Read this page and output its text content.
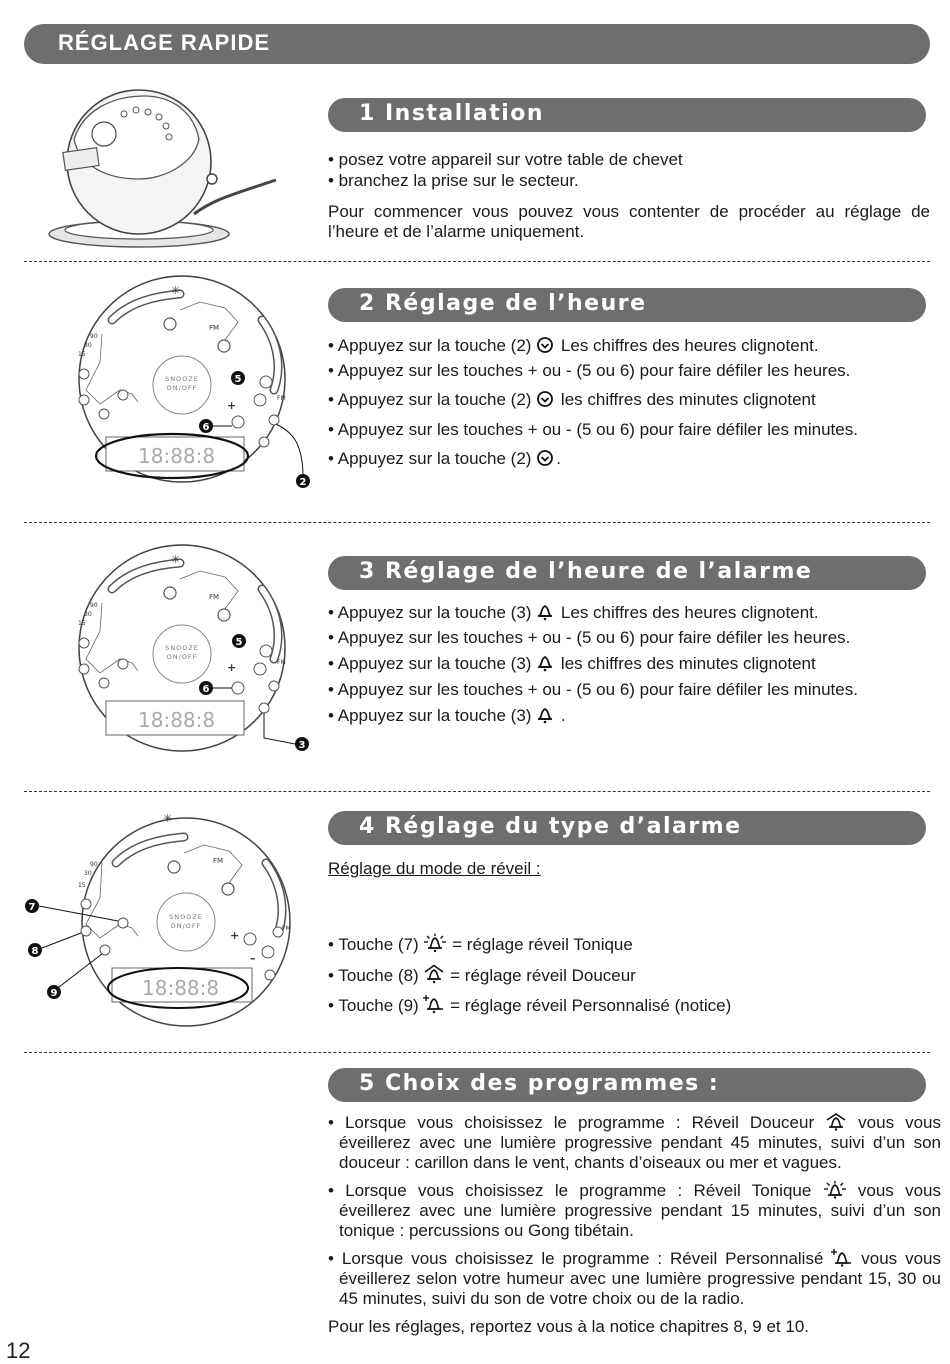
RÉGLAGE RAPIDE
1 Installation
• posez votre appareil sur votre table de chevet
• branchez la prise sur le secteur.
Pour commencer vous pouvez vous contenter de procéder au réglage de l’heure et de l’alarme uniquement.
✳
FM
90
30
15
SNOOZE
ON/OFF
+
FM
18:88:8
5
6
2
2 Réglage de l’heure
• Appuyez sur la touche (2) Les chiffres des heures clignotent.
• Appuyez sur les touches + ou - (5 ou 6) pour faire défiler les heures.
• Appuyez sur la touche (2) les chiffres des minutes clignotent
• Appuyez sur les touches + ou - (5 ou 6) pour faire défiler les minutes.
• Appuyez sur la touche (2) .
✳
FM
90
30
15
SNOOZE
ON/OFF
+	FM
18:88:8
5
6
3
3 Réglage de l’heure de l’alarme
• Appuyez sur la touche (3) Les chiffres des heures clignotent.
• Appuyez sur les touches + ou - (5 ou 6) pour faire défiler les heures.
• Appuyez sur la touche (3) les chiffres des minutes clignotent
• Appuyez sur les touches + ou - (5 ou 6) pour faire défiler les minutes.
• Appuyez sur la touche (3) .
✳
FM
90
30
15
SNOOZE
ON/OFF
+
–
FM
18:88:8
7
8
9
4 Réglage du type d’alarme
Réglage du mode de réveil :
• Touche (7) = réglage réveil Tonique
• Touche (8) = réglage réveil Douceur
• Touche (9) = réglage réveil Personnalisé (notice)
5 Choix des programmes :
• Lorsque vous choisissez le programme : Réveil Douceur	vous vous éveillerez avec une lumière progressive pendant 45 minutes, suivi d’un son douceur : carillon dans le vent, chants d’oiseaux ou mer et vagues.
• Lorsque vous choisissez le programme : Réveil Tonique	vous vous éveillerez avec une lumière progressive pendant 15 minutes, suivi d’un son tonique : percussions ou Gong tibétain.
• Lorsque vous choisissez le programme : Réveil Personnalisé vous vous éveillerez selon votre humeur avec une lumière progressive pendant 15, 30 ou 45 minutes, suivi du son de votre choix ou de la radio.
Pour les réglages, reportez vous à la notice chapitres 8, 9 et 10.
12
